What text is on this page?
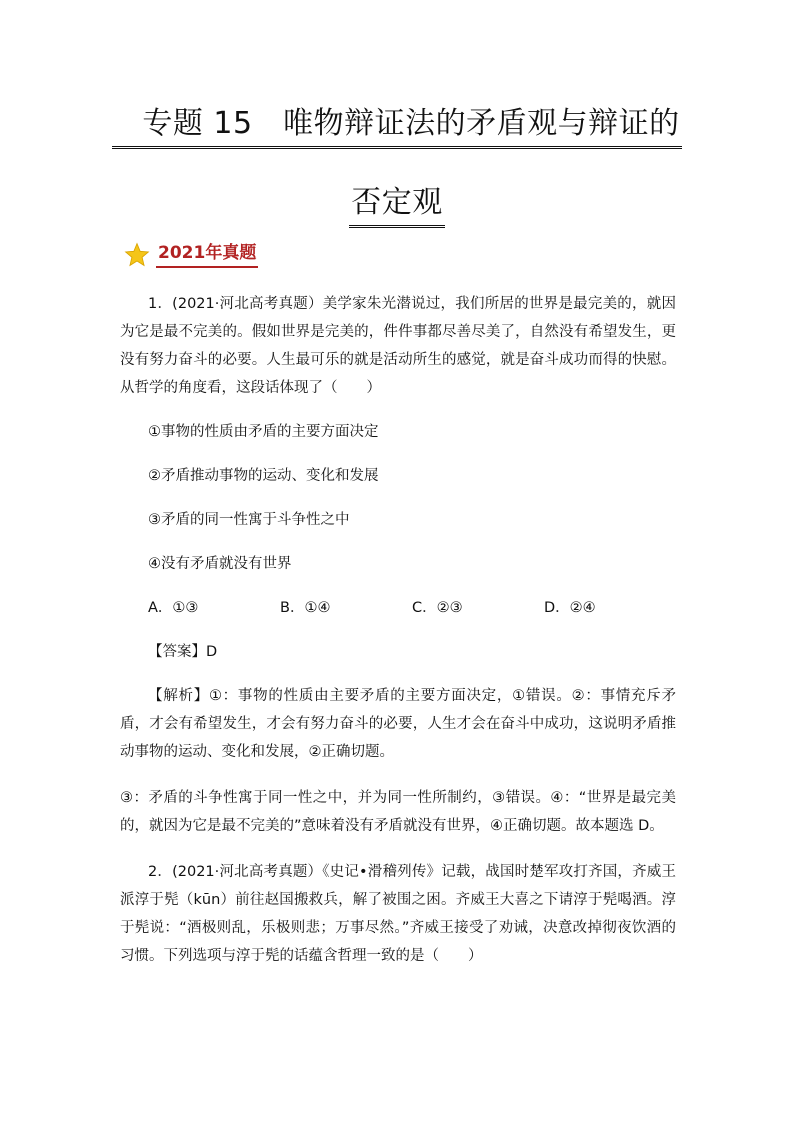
专题 15　唯物辩证法的矛盾观与辩证的
否定观
2021年真题

1．(2021·河北高考真题）美学家朱光潜说过，我们所居的世界是最完美的，就因为它是最不完美的。假如世界是完美的，件件事都尽善尽美了，自然没有希望发生，更没有努力奋斗的必要。人生最可乐的就是活动所生的感觉，就是奋斗成功而得的快慰。从哲学的角度看，这段话体现了（　　）

①事物的性质由矛盾的主要方面决定

②矛盾推动事物的运动、变化和发展

③矛盾的同一性寓于斗争性之中

④没有矛盾就没有世界

A．①③	B．①④	C．②③	D．②④

【答案】D

【解析】①：事物的性质由主要矛盾的主要方面决定，①错误。②：事情充斥矛盾，才会有希望发生，才会有努力奋斗的必要，人生才会在奋斗中成功，这说明矛盾推动事物的运动、变化和发展，②正确切题。

③：矛盾的斗争性寓于同一性之中，并为同一性所制约，③错误。④：“世界是最完美的，就因为它是最不完美的”意味着没有矛盾就没有世界，④正确切题。故本题选 D。

2．(2021·河北高考真题）《史记•滑稽列传》记载，战国时楚军攻打齐国，齐威王派淳于髡（kūn）前往赵国搬救兵，解了被围之困。齐威王大喜之下请淳于髡喝酒。淳于髡说：“酒极则乱，乐极则悲；万事尽然。”齐威王接受了劝诫，决意改掉彻夜饮酒的习惯。下列选项与淳于髡的话蕴含哲理一致的是（　　）
